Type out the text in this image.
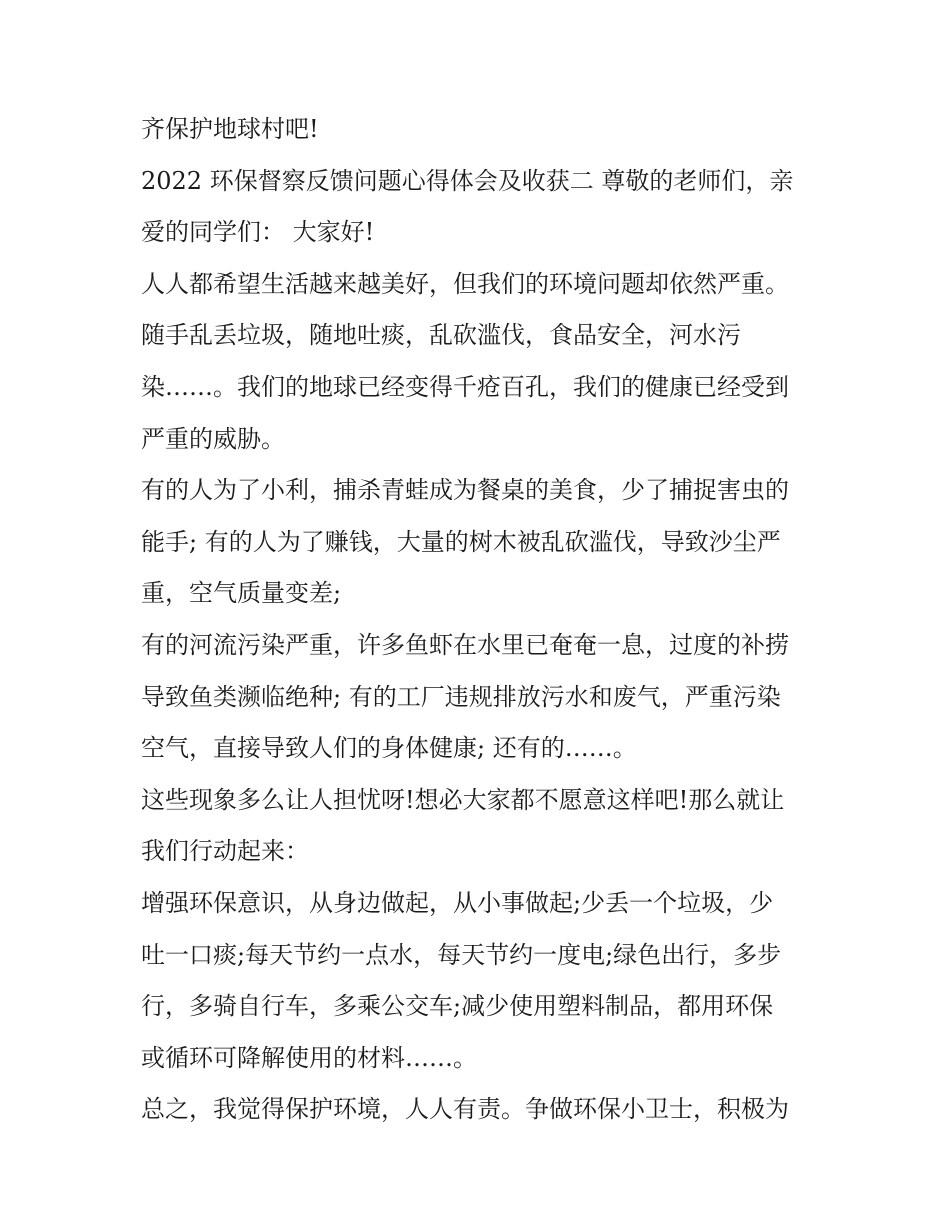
齐保护地球村吧!
2022 环保督察反馈问题心得体会及收获二 尊敬的老师们，亲
爱的同学们： 大家好!
人人都希望生活越来越美好，但我们的环境问题却依然严重。
随手乱丢垃圾，随地吐痰，乱砍滥伐，食品安全，河水污
染……。我们的地球已经变得千疮百孔，我们的健康已经受到
严重的威胁。
有的人为了小利，捕杀青蛙成为餐桌的美食，少了捕捉害虫的
能手; 有的人为了赚钱，大量的树木被乱砍滥伐，导致沙尘严
重，空气质量变差;
有的河流污染严重，许多鱼虾在水里已奄奄一息，过度的补捞
导致鱼类濒临绝种; 有的工厂违规排放污水和废气，严重污染
空气，直接导致人们的身体健康; 还有的……。
这些现象多么让人担忧呀!想必大家都不愿意这样吧!那么就让
我们行动起来：
增强环保意识，从身边做起，从小事做起;少丢一个垃圾，少
吐一口痰;每天节约一点水，每天节约一度电;绿色出行，多步
行，多骑自行车，多乘公交车;减少使用塑料制品，都用环保
或循环可降解使用的材料……。
总之，我觉得保护环境，人人有责。争做环保小卫士，积极为
